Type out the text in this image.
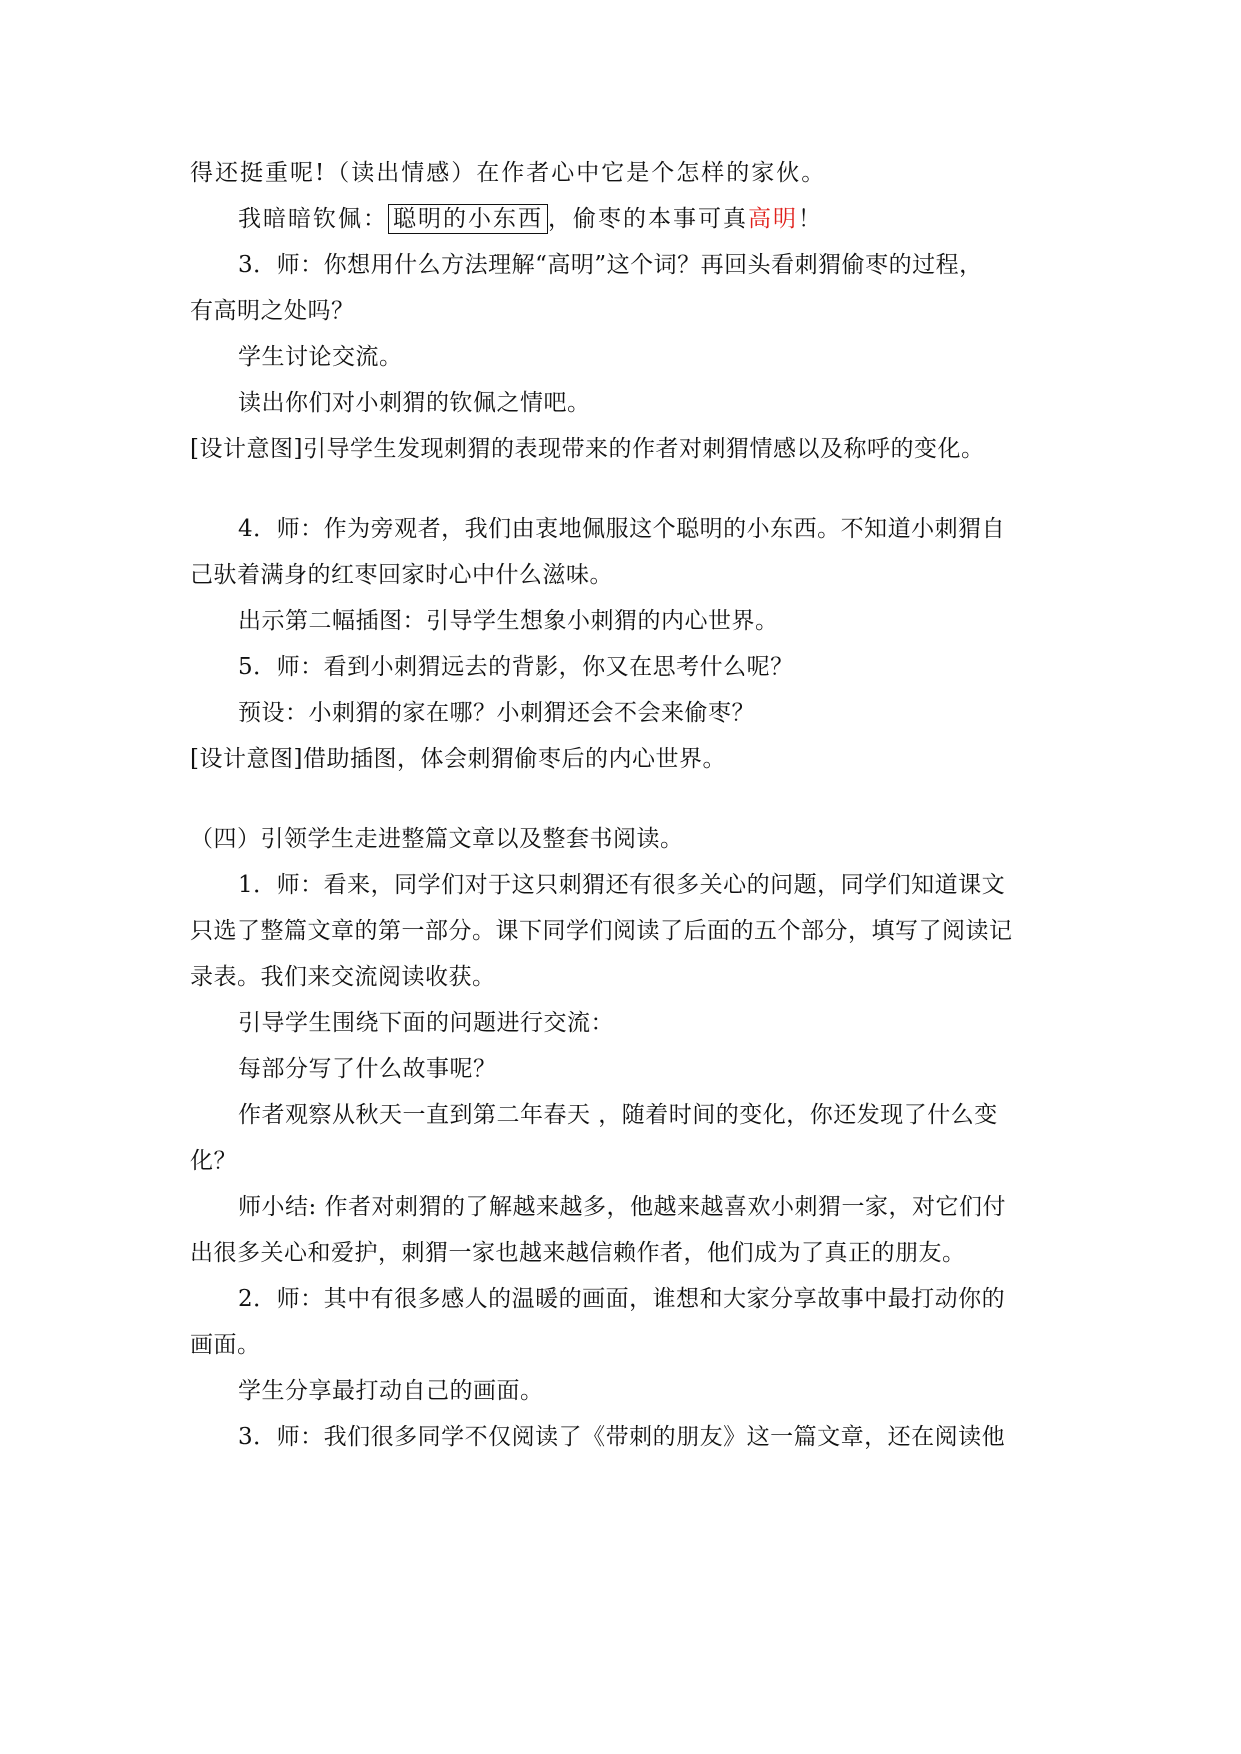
得还挺重呢!（读出情感）在作者心中它是个怎样的家伙。
我暗暗钦佩： 聪明的小东西 ，偷枣的本事可真高明！
3．师：你想用什么方法理解“高明”这个词？再回头看刺猬偷枣的过程，
有高明之处吗？
学生讨论交流。
读出你们对小刺猬的钦佩之情吧。
[设计意图]引导学生发现刺猬的表现带来的作者对刺猬情感以及称呼的变化。
4．师：作为旁观者，我们由衷地佩服这个聪明的小东西。不知道小刺猬自
己驮着满身的红枣回家时心中什么滋味。
出示第二幅插图：引导学生想象小刺猬的内心世界。
5．师：看到小刺猬远去的背影，你又在思考什么呢？
预设：小刺猬的家在哪？小刺猬还会不会来偷枣？
[设计意图]借助插图，体会刺猬偷枣后的内心世界。
（四）引领学生走进整篇文章以及整套书阅读。
1．师：看来，同学们对于这只刺猬还有很多关心的问题，同学们知道课文
只选了整篇文章的第一部分。课下同学们阅读了后面的五个部分，填写了阅读记
录表。我们来交流阅读收获。
引导学生围绕下面的问题进行交流：
每部分写了什么故事呢？
作者观察从秋天一直到第二年春天 ，随着时间的变化，你还发现了什么变
化？
师小结: 作者对刺猬的了解越来越多，他越来越喜欢小刺猬一家，对它们付
出很多关心和爱护，刺猬一家也越来越信赖作者，他们成为了真正的朋友。
2．师：其中有很多感人的温暖的画面，谁想和大家分享故事中最打动你的
画面。
学生分享最打动自己的画面。
3．师：我们很多同学不仅阅读了《带刺的朋友》这一篇文章，还在阅读他
